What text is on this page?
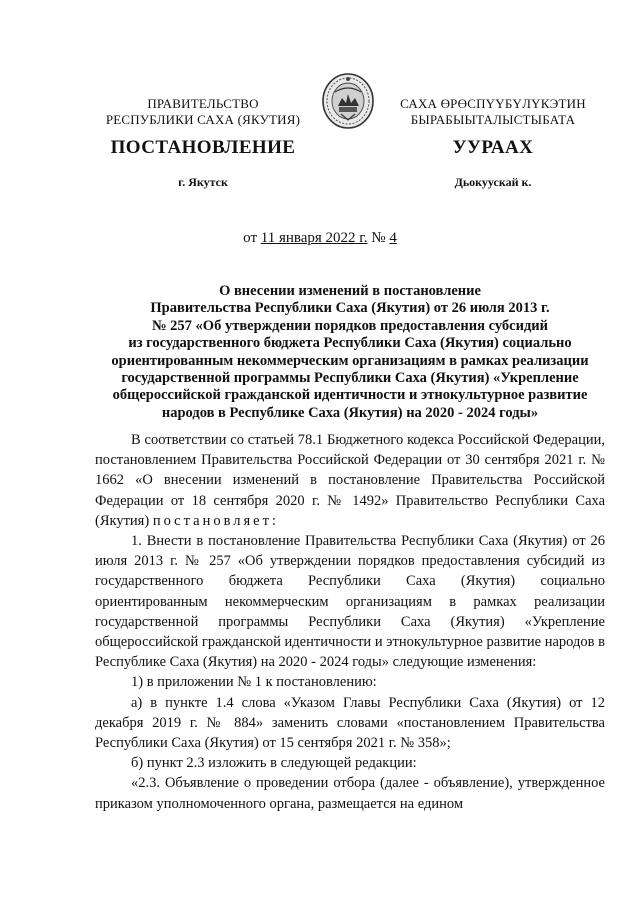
ПРАВИТЕЛЬСТВО
РЕСПУБЛИКИ САХА (ЯКУТИЯ)
САХА ӨРӨСПҮҮБҮЛҮКЭТИН
БЫРАБЫЫТАЛЫСТЫБАТА
ПОСТАНОВЛЕНИЕ	УУРААХ
г. Якутск	Дьокуускай к.
от 11 января 2022 г. № 4
О внесении изменений в постановление
Правительства Республики Саха (Якутия) от 26 июля 2013 г.
№ 257 «Об утверждении порядков предоставления субсидий
из государственного бюджета Республики Саха (Якутия) социально
ориентированным некоммерческим организациям в рамках реализации
государственной программы Республики Саха (Якутия) «Укрепление
общероссийской гражданской идентичности и этнокультурное развитие
народов в Республике Саха (Якутия) на 2020 - 2024 годы»

В соответствии со статьей 78.1 Бюджетного кодекса Российской Федерации, постановлением Правительства Российской Федерации от 30 сентября 2021 г. № 1662 «О внесении изменений в постановление Правительства Российской Федерации от 18 сентября 2020 г. № 1492» Правительство Республики Саха (Якутия) постановляет:

1. Внести в постановление Правительства Республики Саха (Якутия) от 26 июля 2013 г. № 257 «Об утверждении порядков предоставления субсидий из государственного бюджета Республики Саха (Якутия) социально ориентированным некоммерческим организациям в рамках реализации государственной программы Республики Саха (Якутия) «Укрепление общероссийской гражданской идентичности и этнокультурное развитие народов в Республике Саха (Якутия) на 2020 - 2024 годы» следующие изменения:

1) в приложении № 1 к постановлению:

а) в пункте 1.4 слова «Указом Главы Республики Саха (Якутия) от 12 декабря 2019 г. № 884» заменить словами «постановлением Правительства Республики Саха (Якутия) от 15 сентября 2021 г. № 358»;

б) пункт 2.3 изложить в следующей редакции:

«2.3. Объявление о проведении отбора (далее - объявление), утвержденное приказом уполномоченного органа, размещается на едином
